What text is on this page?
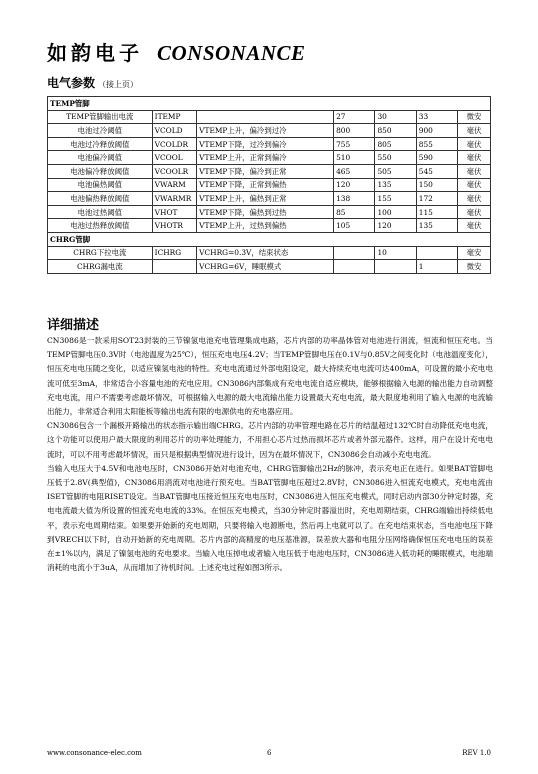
如韵电子 CONSONANCE
电气参数 （接上页）
TEMP管脚						
TEMP管脚输出电流	ITEMP		27	30	33	微安
电池过冷阈值	VCOLD	VTEMP上升，偏冷到过冷	800	850	900	毫伏
电池过冷释放阈值	VCOLDR	VTEMP下降，过冷到偏冷	755	805	855	毫伏
电池偏冷阈值	VCOOL	VTEMP上升，正常到偏冷	510	550	590	毫伏
电池偏冷释放阈值	VCOOLR	VTEMP下降，偏冷到正常	465	505	545	毫伏
电池偏热阈值	VWARM	VTEMP下降，正常到偏热	120	135	150	毫伏
电池偏热释放阈值	VWARMR	VTEMP上升，偏热到正常	138	155	172	毫伏
电池过热阈值	VHOT	VTEMP下降，偏热到过热	85	100	115	毫伏
电池过热释放阈值	VHOTR	VTEMP上升，过热到偏热	105	120	135	毫伏
CHRG管脚						
CHRG下拉电流	ICHRG	VCHRG=0.3V，结束状态		10		毫安
CHRG漏电流		VCHRG=6V，睡眠模式			1	微安
详细描述

CN3086是一款采用SOT23封装的三节镍氢电池充电管理集成电路，芯片内部的功率晶体管对电池进行涓流，恒流和恒压充电。当TEMP管脚电压0.3V时（电池温度为25℃），恒压充电电压4.2V；当TEMP管脚电压在0.1V与0.85V之间变化时（电池温度变化），恒压充电电压随之变化，以适应镍氢电池的特性。充电电流通过外部电阻设定，最大持续充电电流可达400mA，可设置的最小充电电流可低至3mA，非常适合小容量电池的充电应用。CN3086内部集成有充电电流自适应模块，能够根据输入电源的输出能力自动调整充电电流，用户不需要考虑最坏情况，可根据输入电源的最大电流输出能力设置最大充电电流，最大限度地利用了输入电源的电流输出能力，非常适合利用太阳能板等输出电流有限的电源供电的充电器应用。

CN3086包含一个漏极开路输出的状态指示输出端CHRG。芯片内部的功率管理电路在芯片的结温超过132℃时自动降低充电电流，这个功能可以使用户最大限度的利用芯片的功率处理能力，不用担心芯片过热而损坏芯片或者外部元器件。这样，用户在设计充电电流时，可以不用考虑最坏情况，而只是根据典型情况进行设计，因为在最坏情况下，CN3086会自动减小充电电流。

当输入电压大于4.5V和电池电压时，CN3086开始对电池充电，CHRG管脚输出2Hz的脉冲，表示充电正在进行。如果BAT管脚电压低于2.8V(典型值)，CN3086用涓流对电池进行预充电。当BAT管脚电压超过2.8V时，CN3086进入恒流充电模式，充电电流由ISET管脚的电阻RISET设定。当BAT管脚电压接近恒压充电电压时，CN3086进入恒压充电模式，同时启动内部30分钟定时器，充电电流最大值为所设置的恒流充电电流的33%。在恒压充电模式，当30分钟定时器溢出时，充电周期结束，CHRG端输出持续低电平，表示充电周期结束。如果要开始新的充电周期，只要将输入电源断电，然后再上电就可以了。在充电结束状态，当电池电压下降到VRECH以下时，自动开始新的充电周期。芯片内部的高精度的电压基准源，误差放大器和电阻分压网络确保恒压充电电压的误差在±1%以内，满足了镍氢电池的充电要求。当输入电压掉电或者输入电压低于电池电压时，CN3086进入低功耗的睡眠模式，电池端消耗的电流小于3uA，从而增加了待机时间。上述充电过程如图3所示。

www.consonance-elec.com	6	REV 1.0
